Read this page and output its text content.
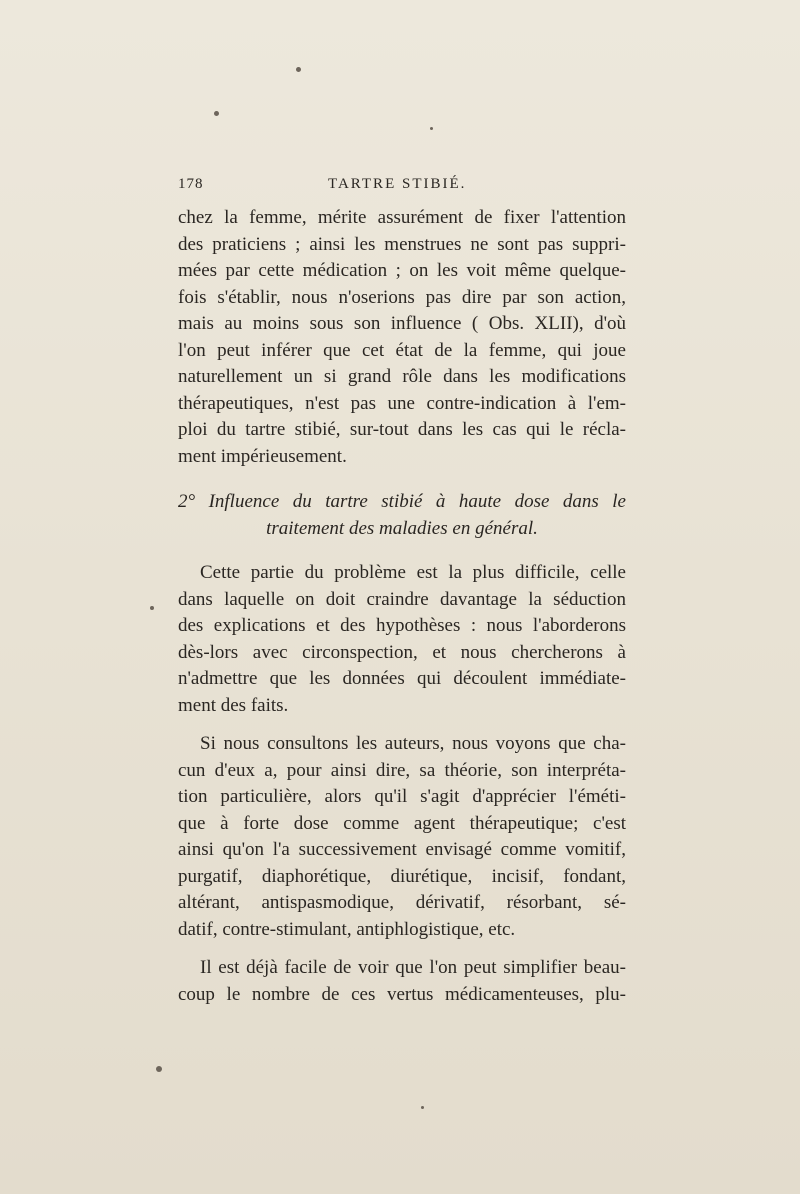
178	TARTRE STIBIÉ.
chez la femme, mérite assurément de fixer l'attention
des praticiens ; ainsi les menstrues ne sont pas suppri-
mées par cette médication ; on les voit même quelque-
fois s'établir, nous n'oserions pas dire par son action,
mais au moins sous son influence ( Obs. XLII), d'où
l'on peut inférer que cet état de la femme, qui joue
naturellement un si grand rôle dans les modifications
thérapeutiques, n'est pas une contre-indication à l'em-
ploi du tartre stibié, sur-tout dans les cas qui le récla-
ment impérieusement.
2° Influence du tartre stibié à haute dose dans le
traitement des maladies en général.
Cette partie du problème est la plus difficile, celle
dans laquelle on doit craindre davantage la séduction
des explications et des hypothèses : nous l'aborderons
dès-lors avec circonspection, et nous chercherons à
n'admettre que les données qui découlent immédiate-
ment des faits.
Si nous consultons les auteurs, nous voyons que cha-
cun d'eux a, pour ainsi dire, sa théorie, son interpréta-
tion particulière, alors qu'il s'agit d'apprécier l'éméti-
que à forte dose comme agent thérapeutique; c'est
ainsi qu'on l'a successivement envisagé comme vomitif,
purgatif, diaphorétique, diurétique, incisif, fondant,
altérant, antispasmodique, dérivatif, résorbant, sé-
datif, contre-stimulant, antiphlogistique, etc.
Il est déjà facile de voir que l'on peut simplifier beau-
coup le nombre de ces vertus médicamenteuses, plu-
